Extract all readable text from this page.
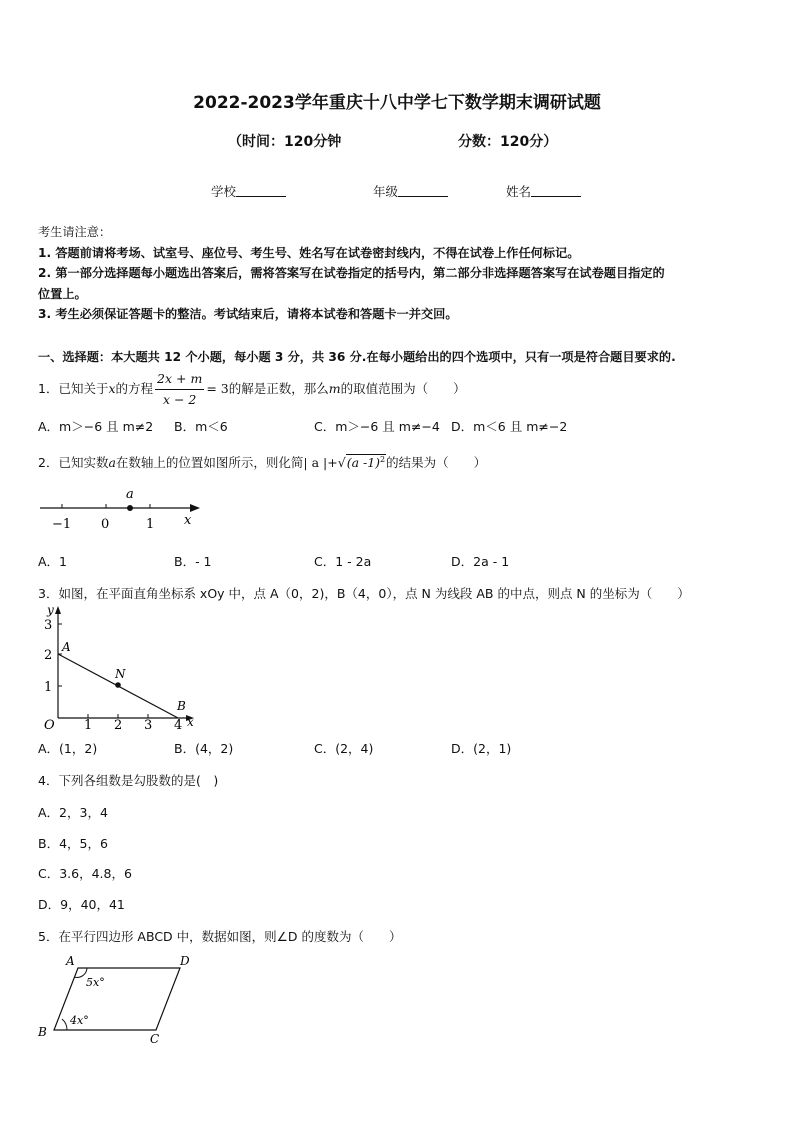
2022-2023学年重庆十八中学七下数学期末调研试题
（时间：120分钟	分数：120分）
学校	年级	姓名
考生请注意：
1. 答题前请将考场、试室号、座位号、考生号、姓名写在试卷密封线内，不得在试卷上作任何标记。
2. 第一部分选择题每小题选出答案后，需将答案写在试卷指定的括号内，第二部分非选择题答案写在试卷题目指定的
位置上。
3. 考生必须保证答题卡的整洁。考试结束后，请将本试卷和答题卡一并交回。
一、选择题：本大题共 12 个小题，每小题 3 分，共 36 分.在每小题给出的四个选项中，只有一项是符合题目要求的.
1．已知关于x的方程 $\frac{2x + m}{x - 2} = 3$的解是正数，那么m的取值范围为（　　）
A．m＞−6 且 m≠2 B．m＜6	C．m＞−6 且 m≠−4 D．m＜6 且 m≠−2
2．已知实数a在数轴上的位置如图所示，则化简| a |+√(a -1)$^2$的结果为（　　）
a
−1 0	1 x
A．1	B．- 1	C．1 - 2a	D．2a - 1
3．如图，在平面直角坐标系 xOy 中，点 A（0，2)，B（4，0），点 N 为线段 AB 的中点，则点 N 的坐标为（　　）
y
1
2
3
O 1 2 3 4 x
A
N
B
A．(1，2)	B．(4，2)	C．(2，4)	D．(2，1)
4．下列各组数是勾股数的是(　)
A．2，3，4
B．4，5，6
C．3.6，4.8，6
D．9，40，41
5．在平行四边形 ABCD 中，数据如图，则∠D 的度数为（　　）
A	D
B	C
5x°
4x°
